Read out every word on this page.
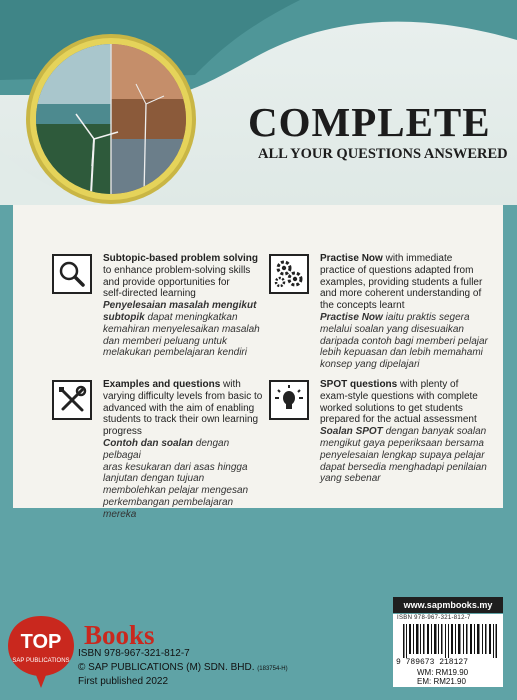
COMPLETE
ALL YOUR QUESTIONS ANSWERED
Subtopic-based problem solving
to enhance problem-solving skills
and provide opportunities for
self-directed learning
Penyelesaian masalah mengikut
subtopik dapat meningkatkan
kemahiran menyelesaikan masalah
dan memberi peluang untuk
melakukan pembelajaran kendiri
Practise Now with immediate
practice of questions adapted from
examples, providing students a fuller
and more coherent understanding of
the concepts learnt
Practise Now iaitu praktis segera
melalui soalan yang disesuaikan
daripada contoh bagi memberi pelajar
lebih kepuasan dan lebih memahami
konsep yang dipelajari
Examples and questions with
varying difficulty levels from basic to
advanced with the aim of enabling
students to track their own learning
progress
Contoh dan soalan dengan pelbagai
aras kesukaran dari asas hingga
lanjutan dengan tujuan
membolehkan pelajar mengesan
perkembangan pembelajaran mereka
SPOT questions with plenty of
exam-style questions with complete
worked solutions to get students
prepared for the actual assessment
Soalan SPOT dengan banyak soalan
mengikut gaya peperiksaan bersama
penyelesaian lengkap supaya pelajar
dapat bersedia menghadapi penilaian
yang sebenar
www.sapmbooks.my
ISBN 978-967-321-812-7
9 789673 218127
WM: RM19.90
EM: RM21.90
ISBN 978-967-321-812-7
© SAP PUBLICATIONS (M) SDN. BHD. (183754-H)
First published 2022
TOP
SAP PUBLICATIONS
Books
